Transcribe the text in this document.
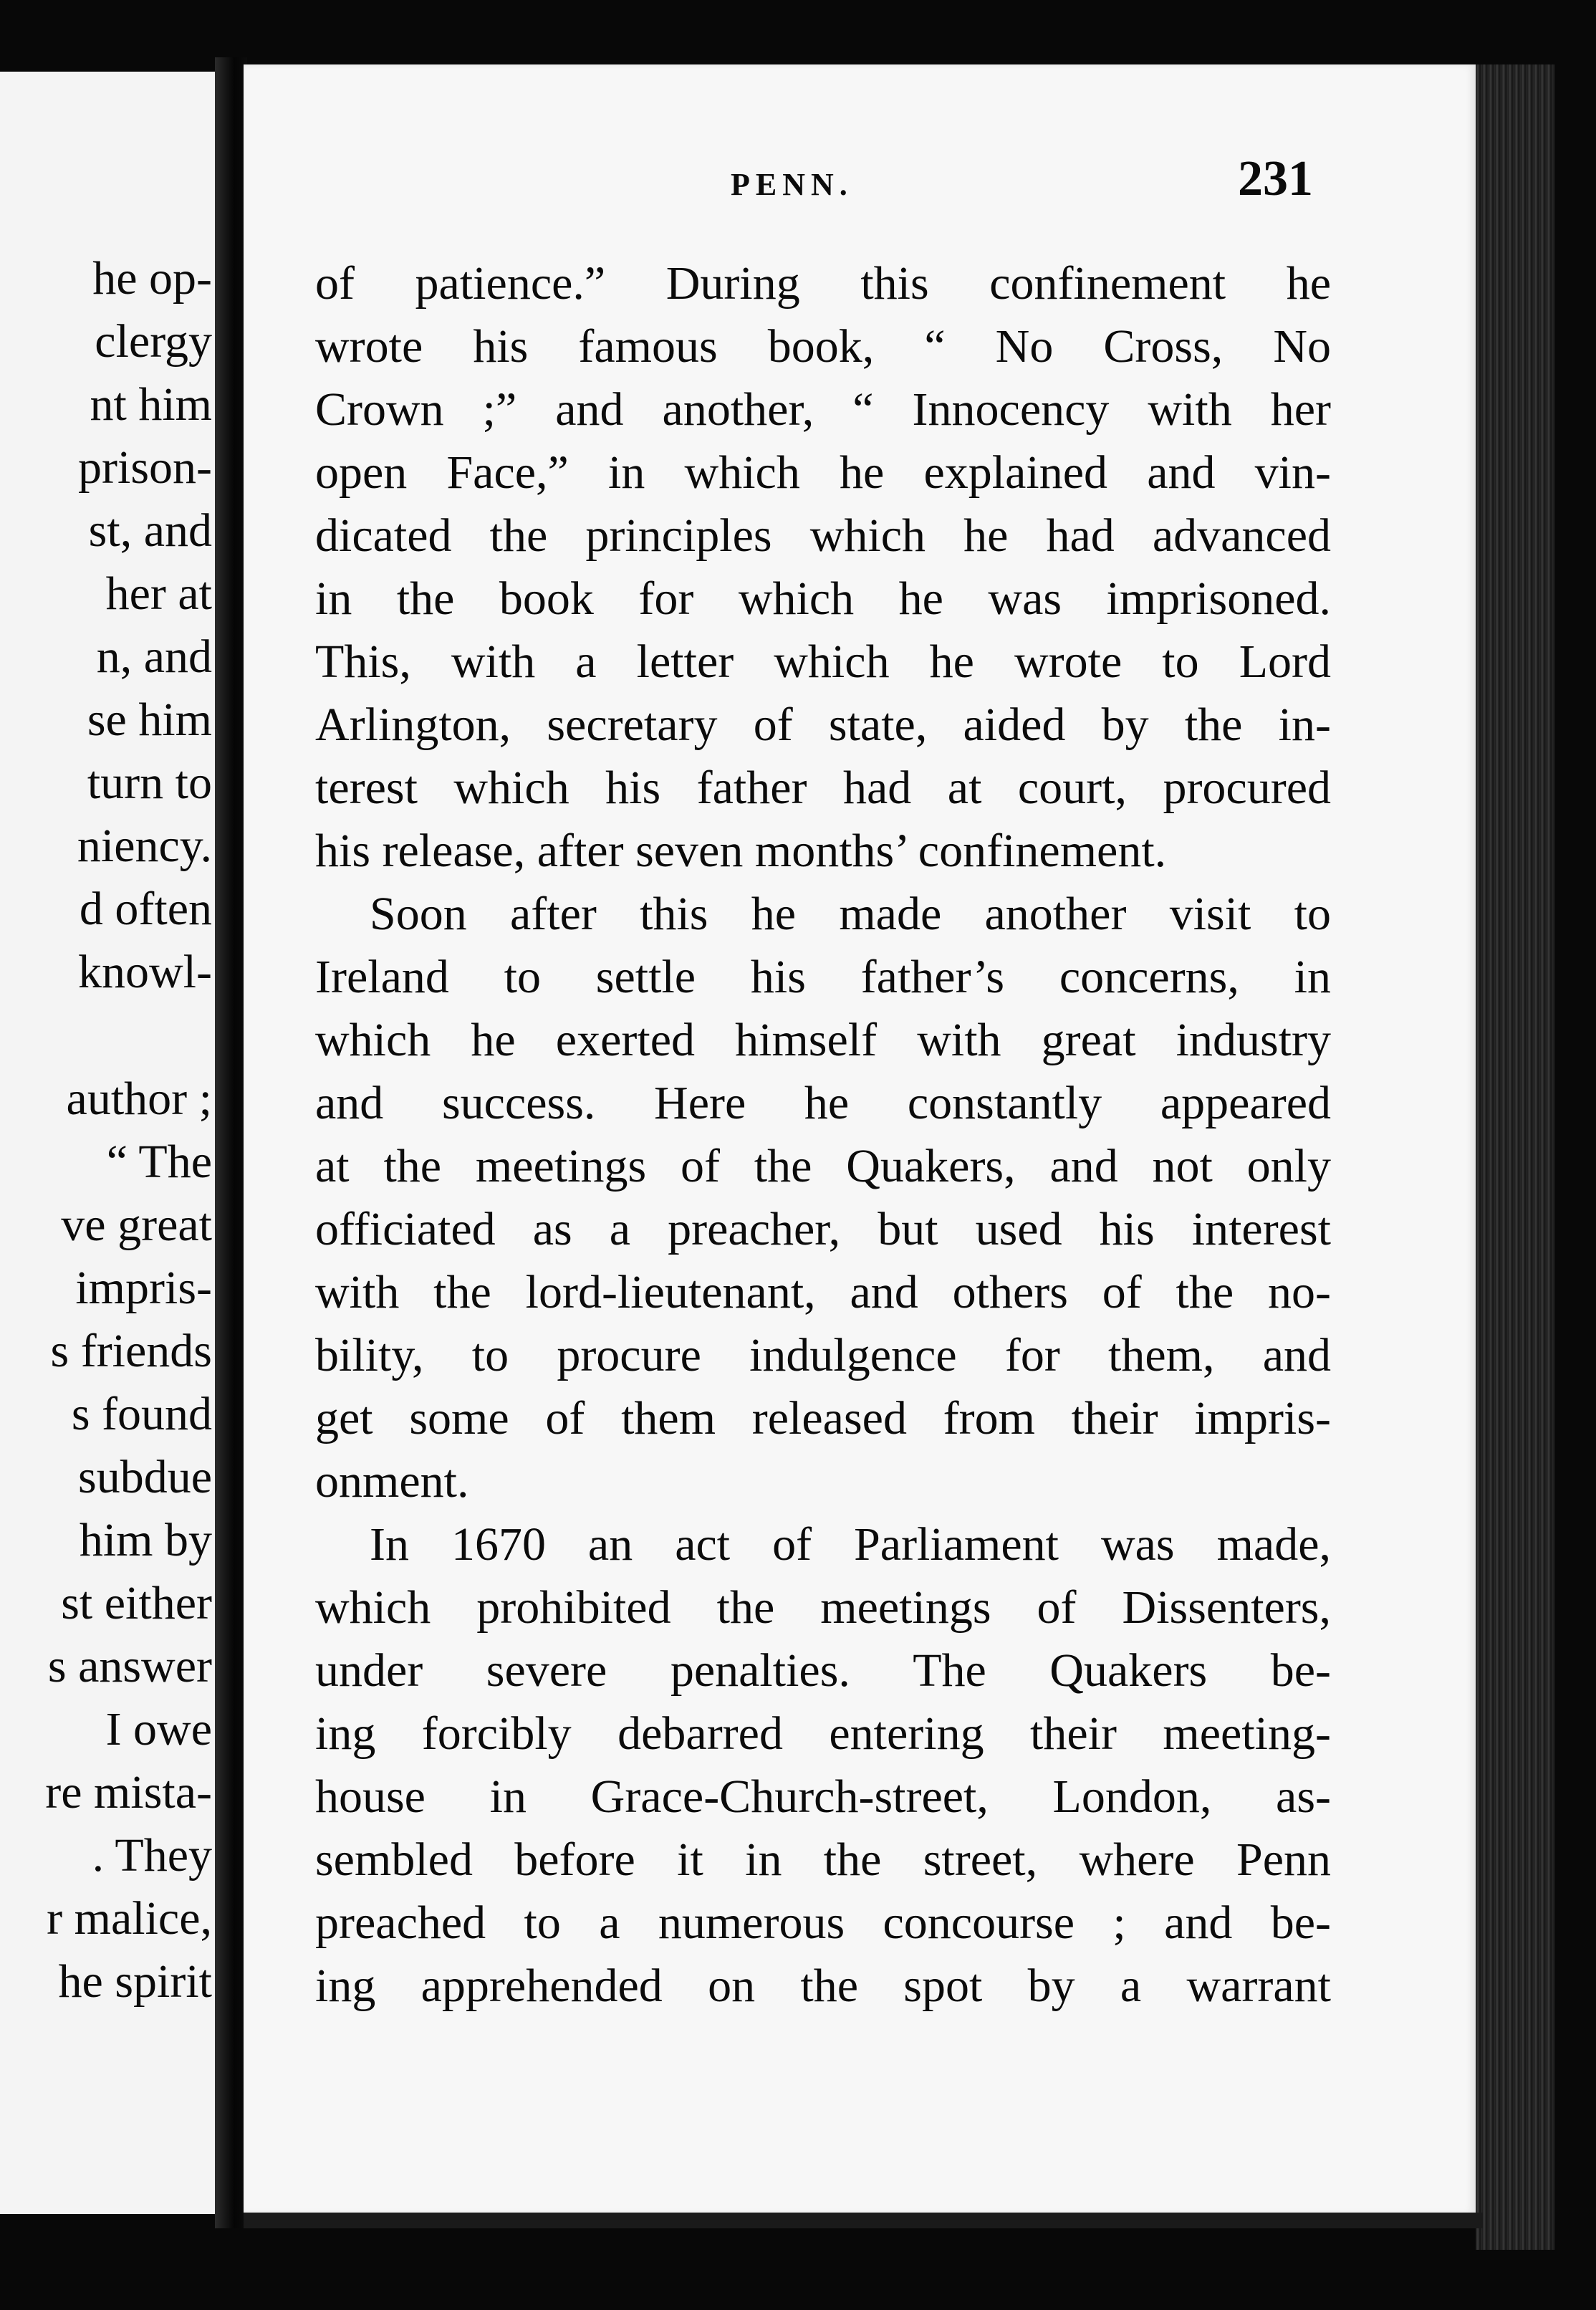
he op-
clergy
nt him
prison-
st, and
her at
n, and
se him
turn to
niency.
d often
knowl-
author ;
“ The
ve great
impris-
s friends
s found
subdue
him by
st either
s answer
I owe
re mista-
. They
r malice,
he spirit
PENN.	231
of patience.” During this confinement he
wrote his famous book, “ No Cross, No
Crown ;” and another, “ Innocency with her
open Face,” in which he explained and vin-
dicated the principles which he had advanced
in the book for which he was imprisoned.
This, with a letter which he wrote to Lord
Arlington, secretary of state, aided by the in-
terest which his father had at court, procured
his release, after seven months’ confinement.
Soon after this he made another visit to
Ireland to settle his father’s concerns, in
which he exerted himself with great industry
and success. Here he constantly appeared
at the meetings of the Quakers, and not only
officiated as a preacher, but used his interest
with the lord-lieutenant, and others of the no-
bility, to procure indulgence for them, and
get some of them released from their impris-
onment.
In 1670 an act of Parliament was made,
which prohibited the meetings of Dissenters,
under severe penalties. The Quakers be-
ing forcibly debarred entering their meeting-
house in Grace-Church-street, London, as-
sembled before it in the street, where Penn
preached to a numerous concourse ; and be-
ing apprehended on the spot by a warrant
